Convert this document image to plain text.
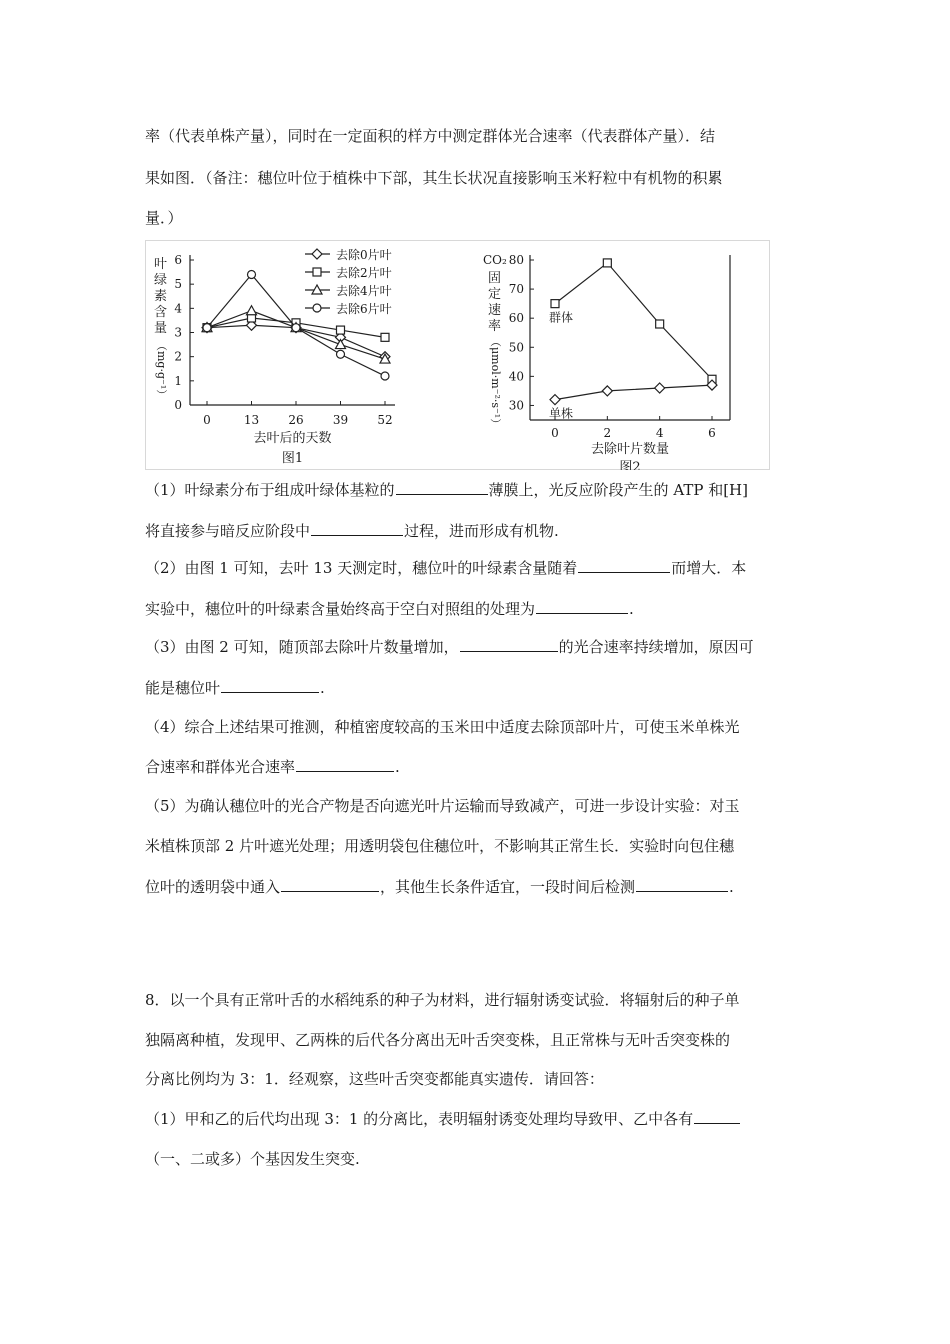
率（代表单株产量），同时在一定面积的样方中测定群体光合速率（代表群体产量）．结
果如图．（备注：穗位叶位于植株中下部，其生长状况直接影响玉米籽粒中有机物的积累
量．）
叶
绿
素
含
量
（mg·g⁻¹）
CO₂
固
定
速
率
（μmol·m⁻²·s⁻¹）
0
1
2
3
4
5
6
0	13 26 39 52
去叶后的天数
图1
去除0片叶
去除2片叶
去除4片叶
去除6片叶
30
40
50
60
70
80
0	2	4	6
去除叶片数量
图2
群体
单株
（1）叶绿素分布于组成叶绿体基粒的	薄膜上，光反应阶段产生的 ATP 和[H]
将直接参与暗反应阶段中	过程，进而形成有机物.
（2）由图 1 可知，去叶 13 天测定时，穗位叶的叶绿素含量随着	而增大．本
实验中，穗位叶的叶绿素含量始终高于空白对照组的处理为	.
（3）由图 2 可知，随顶部去除叶片数量增加，	的光合速率持续增加，原因可
能是穗位叶	.
（4）综合上述结果可推测，种植密度较高的玉米田中适度去除顶部叶片，可使玉米单株光
合速率和群体光合速率	.
（5）为确认穗位叶的光合产物是否向遮光叶片运输而导致减产，可进一步设计实验：对玉
米植株顶部 2 片叶遮光处理；用透明袋包住穗位叶，不影响其正常生长．实验时向包住穗
位叶的透明袋中通入	，其他生长条件适宜，一段时间后检测	.
8．以一个具有正常叶舌的水稻纯系的种子为材料，进行辐射诱变试验．将辐射后的种子单
独隔离种植，发现甲、乙两株的后代各分离出无叶舌突变株，且正常株与无叶舌突变株的
分离比例均为 3：1．经观察，这些叶舌突变都能真实遗传．请回答：
（1）甲和乙的后代均出现 3：1 的分离比，表明辐射诱变处理均导致甲、乙中各有
（一、二或多）个基因发生突变.
